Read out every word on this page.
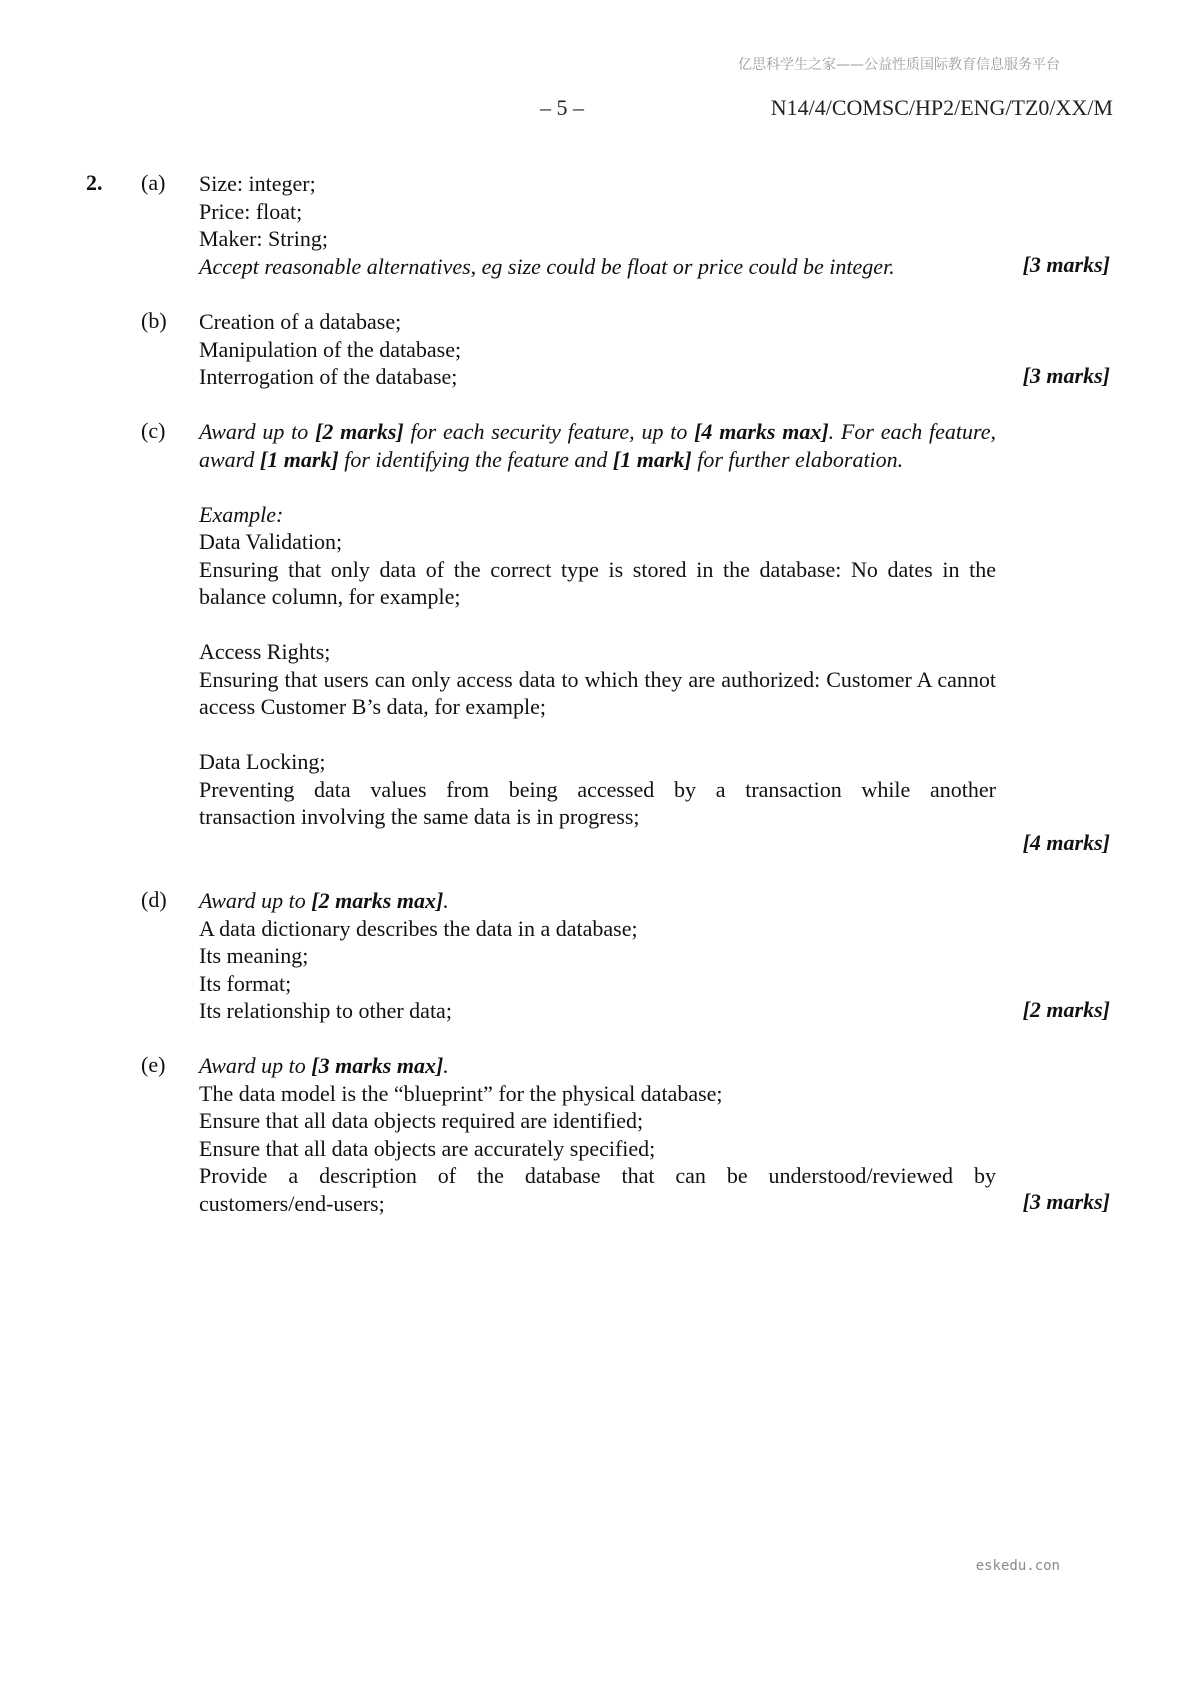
亿思科学生之家——公益性质国际教育信息服务平台
– 5 –	N14/4/COMSC/HP2/ENG/TZ0/XX/M
2. (a) Size: integer;
Price: float;
Maker: String;
Accept reasonable alternatives, eg size could be float or price could be integer.	[3 marks]
(b) Creation of a database;
Manipulation of the database;
Interrogation of the database;	[3 marks]
(c) Award up to [2 marks] for each security feature, up to [4 marks max]. For each feature, award [1 mark] for identifying the feature and [1 mark] for further elaboration.
Example:
Data Validation;
Ensuring that only data of the correct type is stored in the database: No dates in the balance column, for example;
Access Rights;
Ensuring that users can only access data to which they are authorized: Customer A cannot access Customer B’s data, for example;
Data Locking;
Preventing data values from being accessed by a transaction while another
transaction involving the same data is in progress;
[4 marks]
(d) Award up to [2 marks max].
A data dictionary describes the data in a database;
Its meaning;
Its format;
Its relationship to other data;	[2 marks]
(e) Award up to [3 marks max].
The data model is the “blueprint” for the physical database;
Ensure that all data objects required are identified;
Ensure that all data objects are accurately specified;
Provide a description of the database that can be understood/reviewed by
customers/end-users;	[3 marks]
eskedu.con
